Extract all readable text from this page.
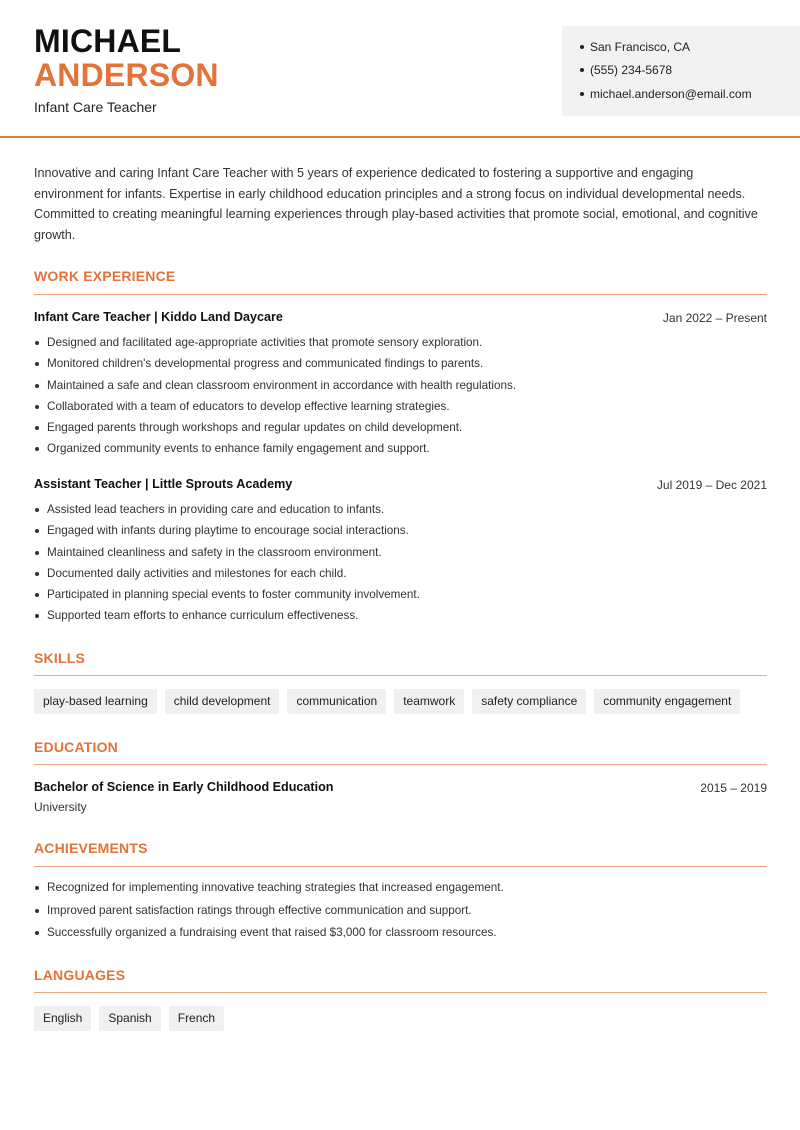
MICHAEL
ANDERSON
Infant Care Teacher
San Francisco, CA
(555) 234-5678
michael.anderson@email.com
Innovative and caring Infant Care Teacher with 5 years of experience dedicated to fostering a supportive and engaging environment for infants. Expertise in early childhood education principles and a strong focus on individual developmental needs. Committed to creating meaningful learning experiences through play-based activities that promote social, emotional, and cognitive growth.
WORK EXPERIENCE
Infant Care Teacher | Kiddo Land Daycare	Jan 2022 – Present
Designed and facilitated age-appropriate activities that promote sensory exploration.
Monitored children's developmental progress and communicated findings to parents.
Maintained a safe and clean classroom environment in accordance with health regulations.
Collaborated with a team of educators to develop effective learning strategies.
Engaged parents through workshops and regular updates on child development.
Organized community events to enhance family engagement and support.
Assistant Teacher | Little Sprouts Academy	Jul 2019 – Dec 2021
Assisted lead teachers in providing care and education to infants.
Engaged with infants during playtime to encourage social interactions.
Maintained cleanliness and safety in the classroom environment.
Documented daily activities and milestones for each child.
Participated in planning special events to foster community involvement.
Supported team efforts to enhance curriculum effectiveness.
SKILLS
play-based learning	child development	communication	teamwork	safety compliance	community engagement
EDUCATION
Bachelor of Science in Early Childhood Education	2015 – 2019
University
ACHIEVEMENTS
Recognized for implementing innovative teaching strategies that increased engagement.
Improved parent satisfaction ratings through effective communication and support.
Successfully organized a fundraising event that raised $3,000 for classroom resources.
LANGUAGES
English	Spanish	French
